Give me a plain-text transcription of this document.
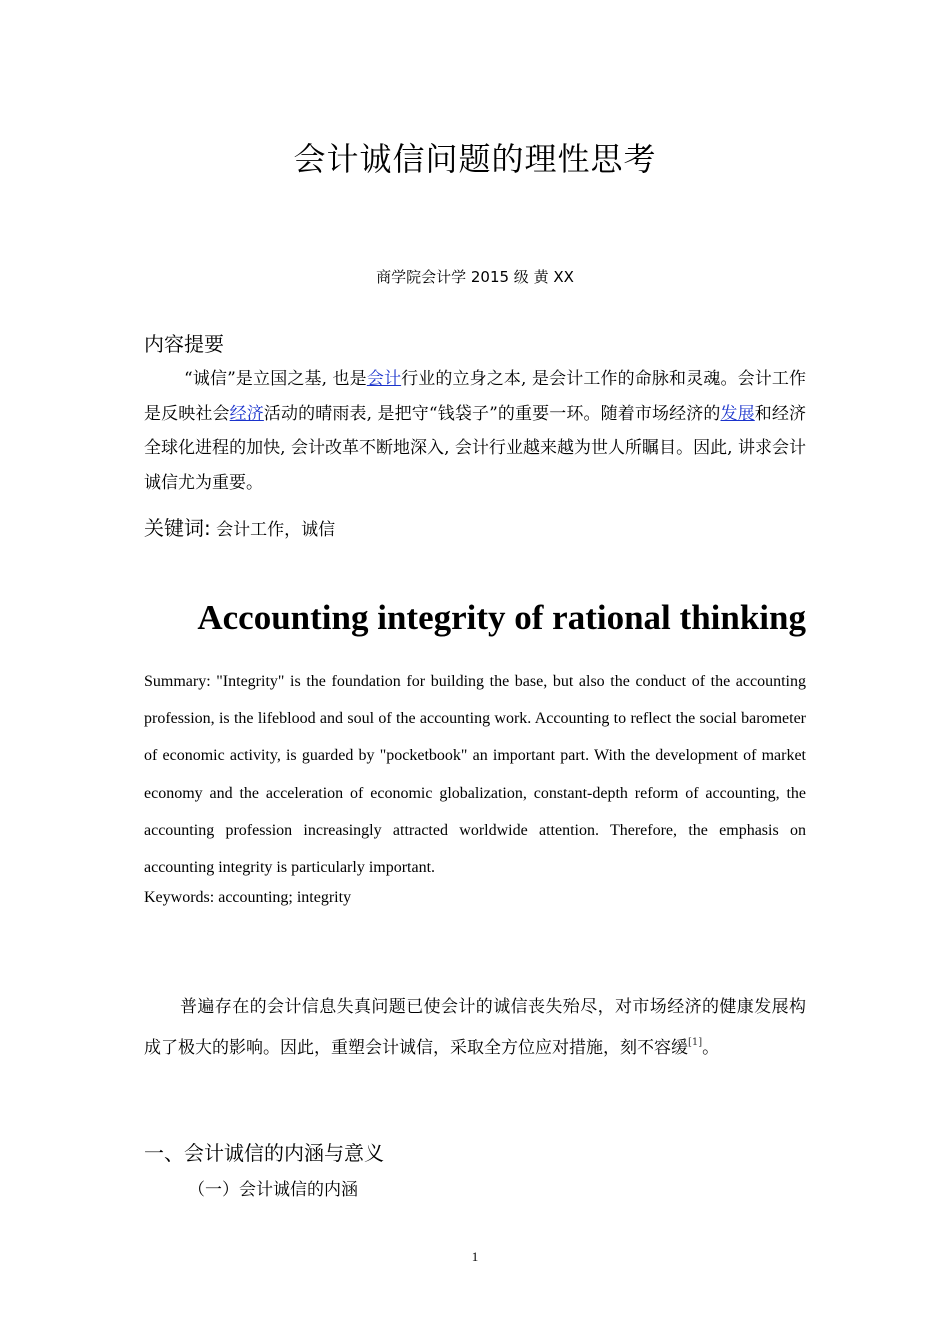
会计诚信问题的理性思考
商学院会计学 2015 级 黄 XX
内容提要

“诚信”是立国之基, 也是会计行业的立身之本, 是会计工作的命脉和灵魂。会计工作是反映社会经济活动的晴雨表, 是把守“钱袋子”的重要一环。随着市场经济的发展和经济全球化进程的加快, 会计改革不断地深入, 会计行业越来越为世人所瞩目。因此, 讲求会计诚信尤为重要。

关键词: 会计工作，诚信
Accounting integrity of rational thinking

Summary: "Integrity" is the foundation for building the base, but also the conduct of the accounting profession, is the lifeblood and soul of the accounting work. Accounting to reflect the social barometer of economic activity, is guarded by "pocketbook" an important part. With the development of market economy and the acceleration of economic globalization, constant-depth reform of accounting, the accounting profession increasingly attracted worldwide attention. Therefore, the emphasis on accounting integrity is particularly important.

Keywords: accounting; integrity

普遍存在的会计信息失真问题已使会计的诚信丧失殆尽，对市场经济的健康发展构成了极大的影响。因此，重塑会计诚信，采取全方位应对措施，刻不容缓[1]。

一、会计诚信的内涵与意义
（一）会计诚信的内涵
1
